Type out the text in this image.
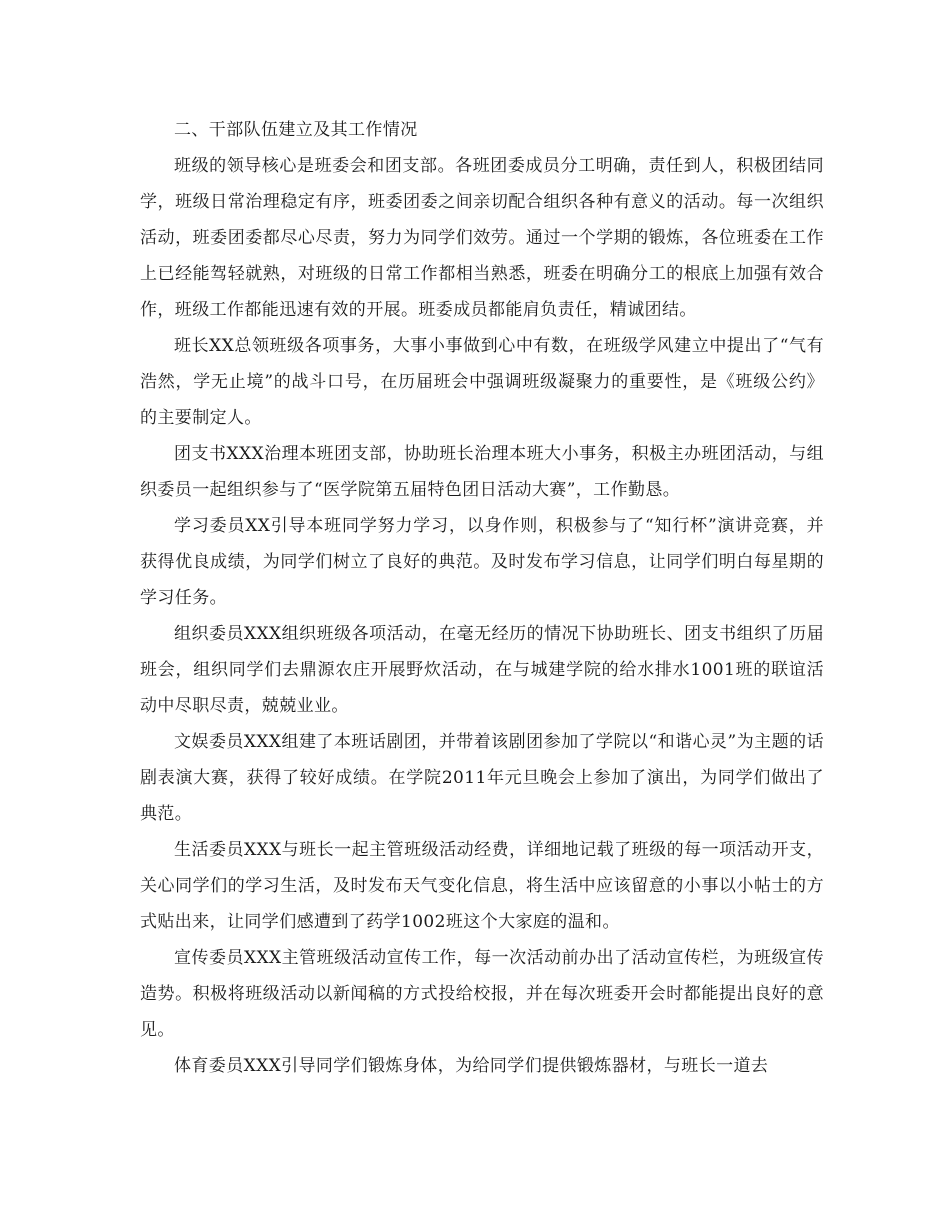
二、干部队伍建立及其工作情况

班级的领导核心是班委会和团支部。各班团委成员分工明确，责任到人，积极团结同学，班级日常治理稳定有序，班委团委之间亲切配合组织各种有意义的活动。每一次组织活动，班委团委都尽心尽责，努力为同学们效劳。通过一个学期的锻炼，各位班委在工作上已经能驾轻就熟，对班级的日常工作都相当熟悉，班委在明确分工的根底上加强有效合作，班级工作都能迅速有效的开展。班委成员都能肩负责任，精诚团结。

班长XX总领班级各项事务，大事小事做到心中有数，在班级学风建立中提出了“气有浩然，学无止境”的战斗口号，在历届班会中强调班级凝聚力的重要性，是《班级公约》的主要制定人。

团支书XXX治理本班团支部，协助班长治理本班大小事务，积极主办班团活动，与组织委员一起组织参与了“医学院第五届特色团日活动大赛”，工作勤恳。

学习委员XX引导本班同学努力学习，以身作则，积极参与了“知行杯”演讲竞赛，并获得优良成绩，为同学们树立了良好的典范。及时发布学习信息，让同学们明白每星期的学习任务。

组织委员XXX组织班级各项活动，在毫无经历的情况下协助班长、团支书组织了历届班会，组织同学们去鼎源农庄开展野炊活动，在与城建学院的给水排水1001班的联谊活动中尽职尽责，兢兢业业。

文娱委员XXX组建了本班话剧团，并带着该剧团参加了学院以“和谐心灵”为主题的话剧表演大赛，获得了较好成绩。在学院2011年元旦晚会上参加了演出，为同学们做出了典范。

生活委员XXX与班长一起主管班级活动经费，详细地记载了班级的每一项活动开支，关心同学们的学习生活，及时发布天气变化信息，将生活中应该留意的小事以小帖士的方式贴出来，让同学们感遭到了药学1002班这个大家庭的温和。

宣传委员XXX主管班级活动宣传工作，每一次活动前办出了活动宣传栏，为班级宣传造势。积极将班级活动以新闻稿的方式投给校报，并在每次班委开会时都能提出良好的意见。

体育委员XXX引导同学们锻炼身体，为给同学们提供锻炼器材，与班长一道去
